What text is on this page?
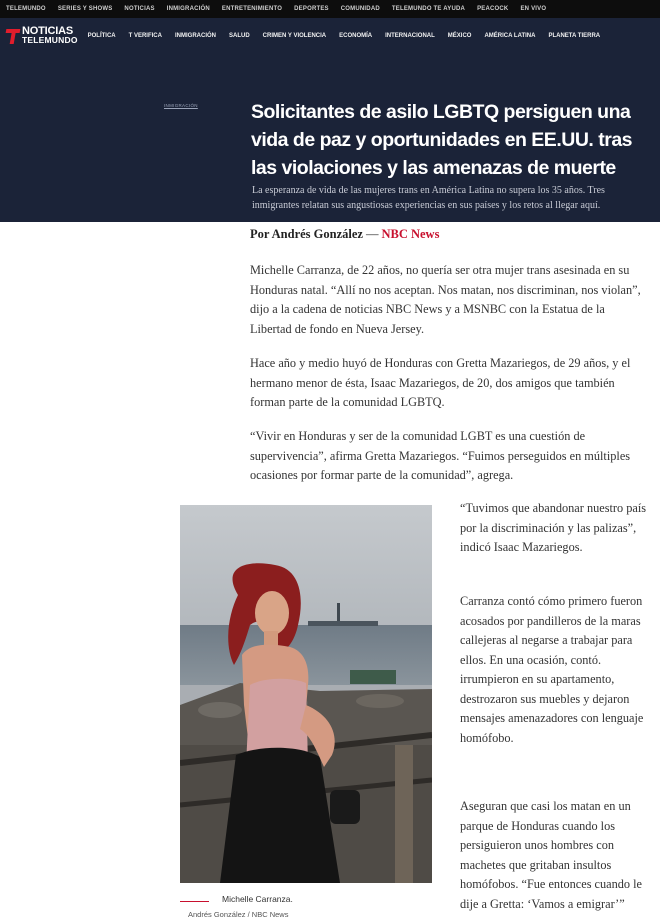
TELEMUNDO SERIES Y SHOWS NOTICIAS INMIGRACIÓN ENTRETENIMIENTO DEPORTES COMUNIDAD TELEMUNDO TE AYUDA PEACOCK EN VIVO
NOTICIAS
TELEMUNDO POLÍTICA T VERIFICA INMIGRACIÓN SALUD CRIMEN Y VIOLENCIA ECONOMÍA INTERNACIONAL MÉXICO AMÉRICA LATINA PLANETA TIERRA
INMIGRACIÓN	Solicitantes de asilo LGBTQ persiguen una vida de paz y oportunidades en EE.UU. tras las violaciones y las amenazas de muerte

La esperanza de vida de las mujeres trans en América Latina no supera los 35 años. Tres inmigrantes relatan sus angustiosas experiencias en sus países y los retos al llegar aquí.

Por Andrés González — NBC News

Michelle Carranza, de 22 años, no quería ser otra mujer trans asesinada en su Honduras natal. “Allí no nos aceptan. Nos matan, nos discriminan, nos violan”, dijo a la cadena de noticias NBC News y a MSNBC con la Estatua de la Libertad de fondo en Nueva Jersey.

Hace año y medio huyó de Honduras con Gretta Mazariegos, de 29 años, y el hermano menor de ésta, Isaac Mazariegos, de 20, dos amigos que también forman parte de la comunidad LGBTQ.

“Vivir en Honduras y ser de la comunidad LGBT es una cuestión de supervivencia”, afirma Gretta Mazariegos. “Fuimos perseguidos en múltiples ocasiones por formar parte de la comunidad”, agrega.

Michelle Carranza.
Andrés González / NBC News

“Tuvimos que abandonar nuestro país por la discriminación y las palizas”, indicó Isaac Mazariegos.

Carranza contó cómo primero fueron acosados por pandilleros de la maras callejeras al negarse a trabajar para ellos. En una ocasión, contó. irrumpieron en su apartamento, destrozaron sus muebles y dejaron mensajes amenazadores con lenguaje homófobo.

Aseguran que casi los matan en un parque de Honduras cuando los persiguieron unos hombres con machetes que gritaban insultos homófobos. “Fue entonces cuando le dije a Gretta: ‘Vamos a emigrar’”
